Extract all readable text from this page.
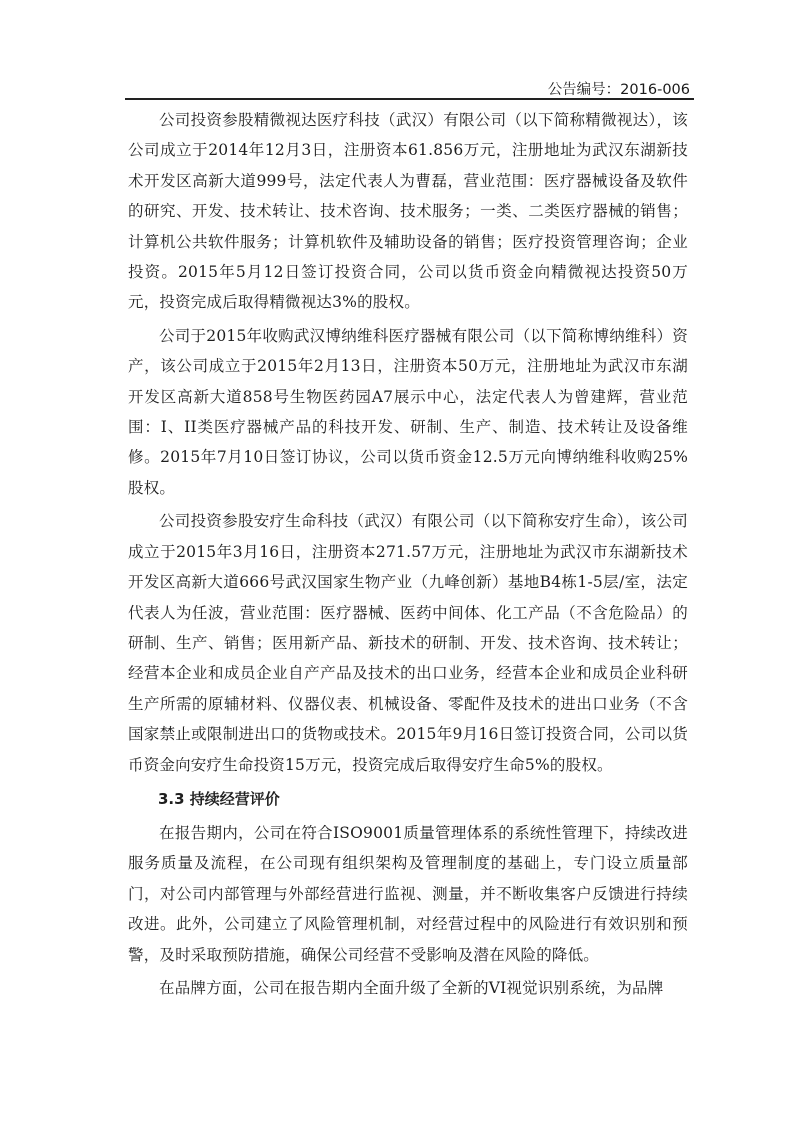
公告编号：2016-006

公司投资参股精微视达医疗科技（武汉）有限公司（以下简称精微视达），该公司成立于2014年12月3日，注册资本61.856万元，注册地址为武汉东湖新技术开发区高新大道999号，法定代表人为曹磊，营业范围：医疗器械设备及软件的研究、开发、技术转让、技术咨询、技术服务；一类、二类医疗器械的销售；计算机公共软件服务；计算机软件及辅助设备的销售；医疗投资管理咨询；企业投资。2015年5月12日签订投资合同，公司以货币资金向精微视达投资50万元，投资完成后取得精微视达3%的股权。

公司于2015年收购武汉博纳维科医疗器械有限公司（以下简称博纳维科）资产，该公司成立于2015年2月13日，注册资本50万元，注册地址为武汉市东湖开发区高新大道858号生物医药园A7展示中心，法定代表人为曾建辉，营业范围：I、II类医疗器械产品的科技开发、研制、生产、制造、技术转让及设备维修。2015年7月10日签订协议，公司以货币资金12.5万元向博纳维科收购25%股权。

公司投资参股安疗生命科技（武汉）有限公司（以下简称安疗生命），该公司成立于2015年3月16日，注册资本271.57万元，注册地址为武汉市东湖新技术开发区高新大道666号武汉国家生物产业（九峰创新）基地B4栋1-5层/室，法定代表人为任波，营业范围：医疗器械、医药中间体、化工产品（不含危险品）的研制、生产、销售；医用新产品、新技术的研制、开发、技术咨询、技术转让；经营本企业和成员企业自产产品及技术的出口业务，经营本企业和成员企业科研生产所需的原辅材料、仪器仪表、机械设备、零配件及技术的进出口业务（不含国家禁止或限制进出口的货物或技术。2015年9月16日签订投资合同，公司以货币资金向安疗生命投资15万元，投资完成后取得安疗生命5%的股权。

3.3 持续经营评价

在报告期内，公司在符合ISO9001质量管理体系的系统性管理下，持续改进服务质量及流程，在公司现有组织架构及管理制度的基础上，专门设立质量部门，对公司内部管理与外部经营进行监视、测量，并不断收集客户反馈进行持续改进。此外，公司建立了风险管理机制，对经营过程中的风险进行有效识别和预警，及时采取预防措施，确保公司经营不受影响及潜在风险的降低。

在品牌方面，公司在报告期内全面升级了全新的VI视觉识别系统，为品牌
